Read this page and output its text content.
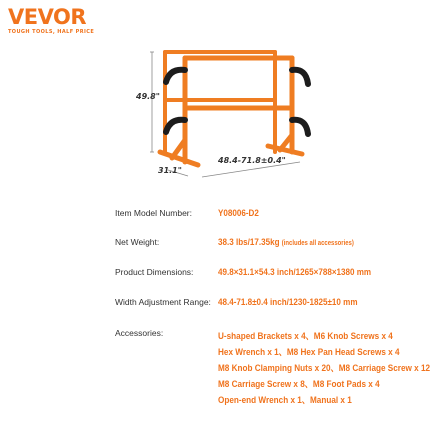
VEVOR
TOUGH TOOLS, HALF PRICE
49.8"
31.1"
48.4-71.8±0.4"
Item Model Number:	Y08006-D2
Net Weight:	38.3 lbs/17.35kg (includes all accessories)
Product Dimensions:	49.8×31.1×54.3 inch/1265×788×1380 mm
Width Adjustment Range: 48.4-71.8±0.4 inch/1230-1825±10 mm
Accessories:	U-shaped Brackets x 4、M6 Knob Screws x 4
Hex Wrench x 1、M8 Hex Pan Head Screws x 4
M8 Knob Clamping Nuts x 20、M8 Carriage Screw x 12
M8 Carriage Screw x 8、M8 Foot Pads x 4
Open-end Wrench x 1、Manual x 1
